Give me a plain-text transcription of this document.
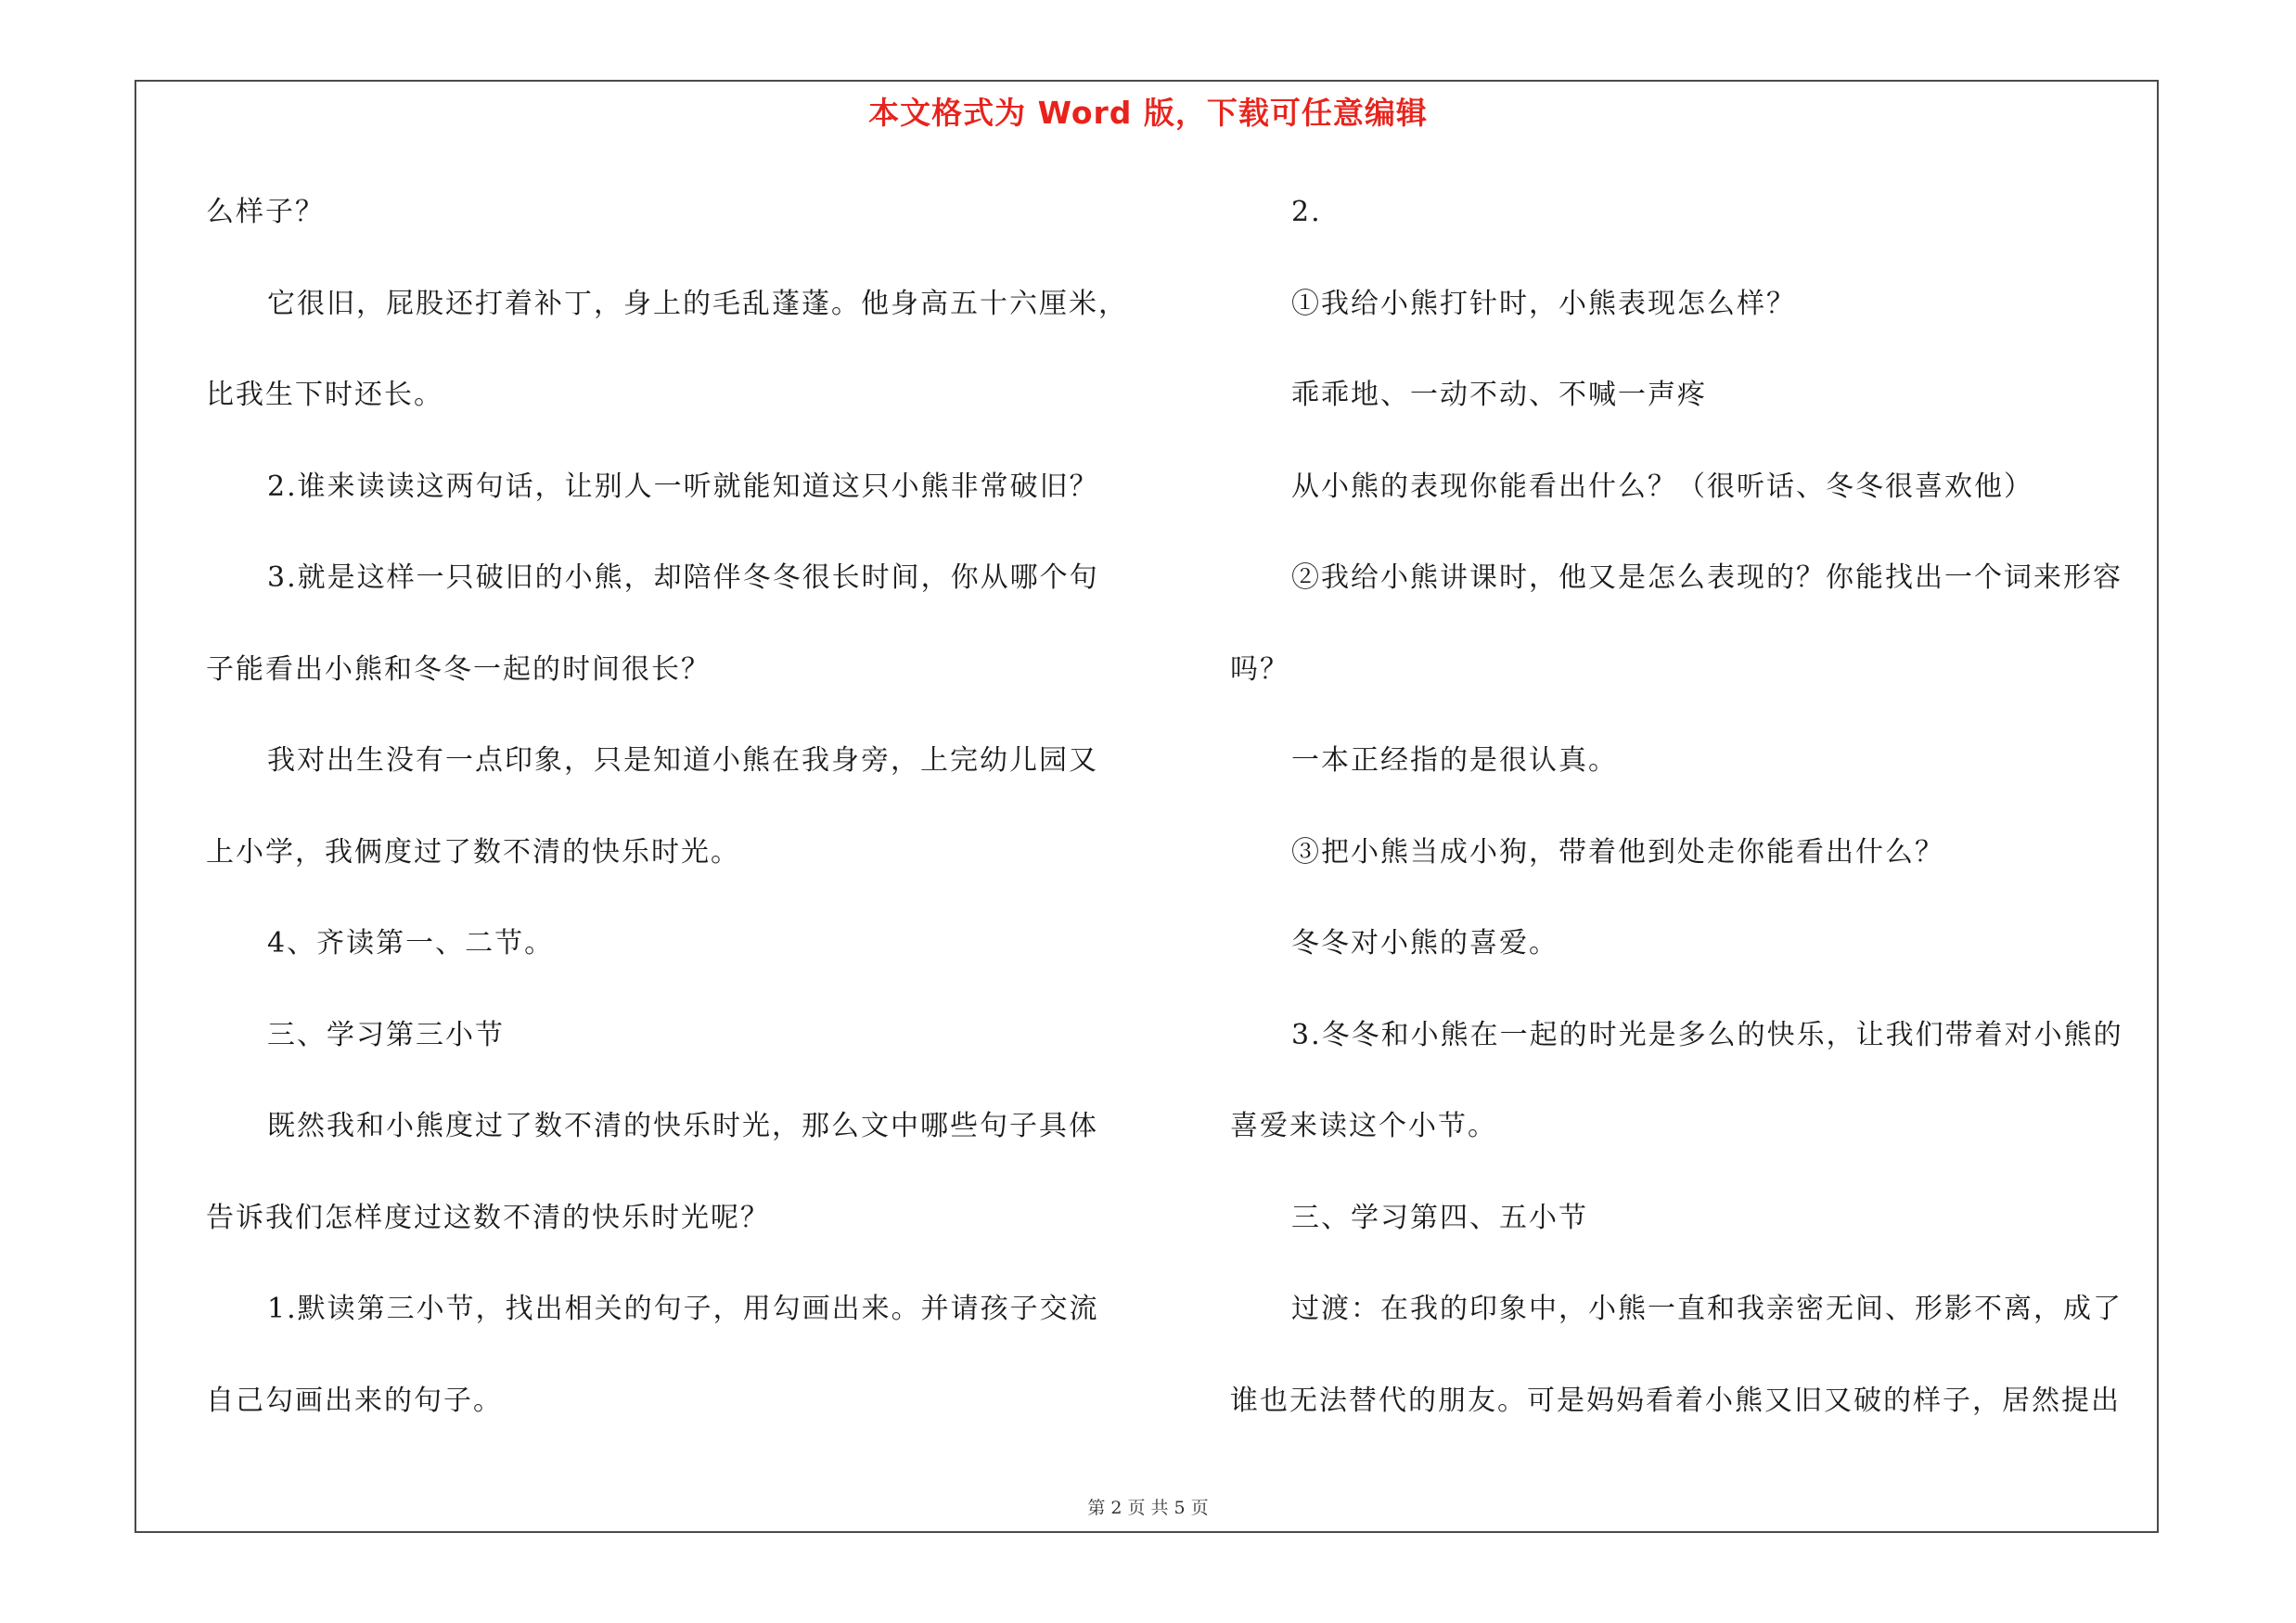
本文格式为 Word 版，下载可任意编辑
么样子？
它很旧，屁股还打着补丁，身上的毛乱蓬蓬。他身高五十六厘米，
比我生下时还长。
2.谁来读读这两句话，让别人一听就能知道这只小熊非常破旧？
3.就是这样一只破旧的小熊，却陪伴冬冬很长时间，你从哪个句
子能看出小熊和冬冬一起的时间很长？
我对出生没有一点印象，只是知道小熊在我身旁，上完幼儿园又
上小学，我俩度过了数不清的快乐时光。
4、齐读第一、二节。
三、学习第三小节
既然我和小熊度过了数不清的快乐时光，那么文中哪些句子具体
告诉我们怎样度过这数不清的快乐时光呢？
1.默读第三小节，找出相关的句子，用勾画出来。并请孩子交流
自己勾画出来的句子。
2.
①我给小熊打针时，小熊表现怎么样？
乖乖地、一动不动、不喊一声疼
从小熊的表现你能看出什么？（很听话、冬冬很喜欢他）
②我给小熊讲课时，他又是怎么表现的？你能找出一个词来形容
吗？
一本正经指的是很认真。
③把小熊当成小狗，带着他到处走你能看出什么？
冬冬对小熊的喜爱。
3.冬冬和小熊在一起的时光是多么的快乐，让我们带着对小熊的
喜爱来读这个小节。
三、学习第四、五小节
过渡：在我的印象中，小熊一直和我亲密无间、形影不离，成了
谁也无法替代的朋友。可是妈妈看着小熊又旧又破的样子，居然提出
第 2 页 共 5 页
